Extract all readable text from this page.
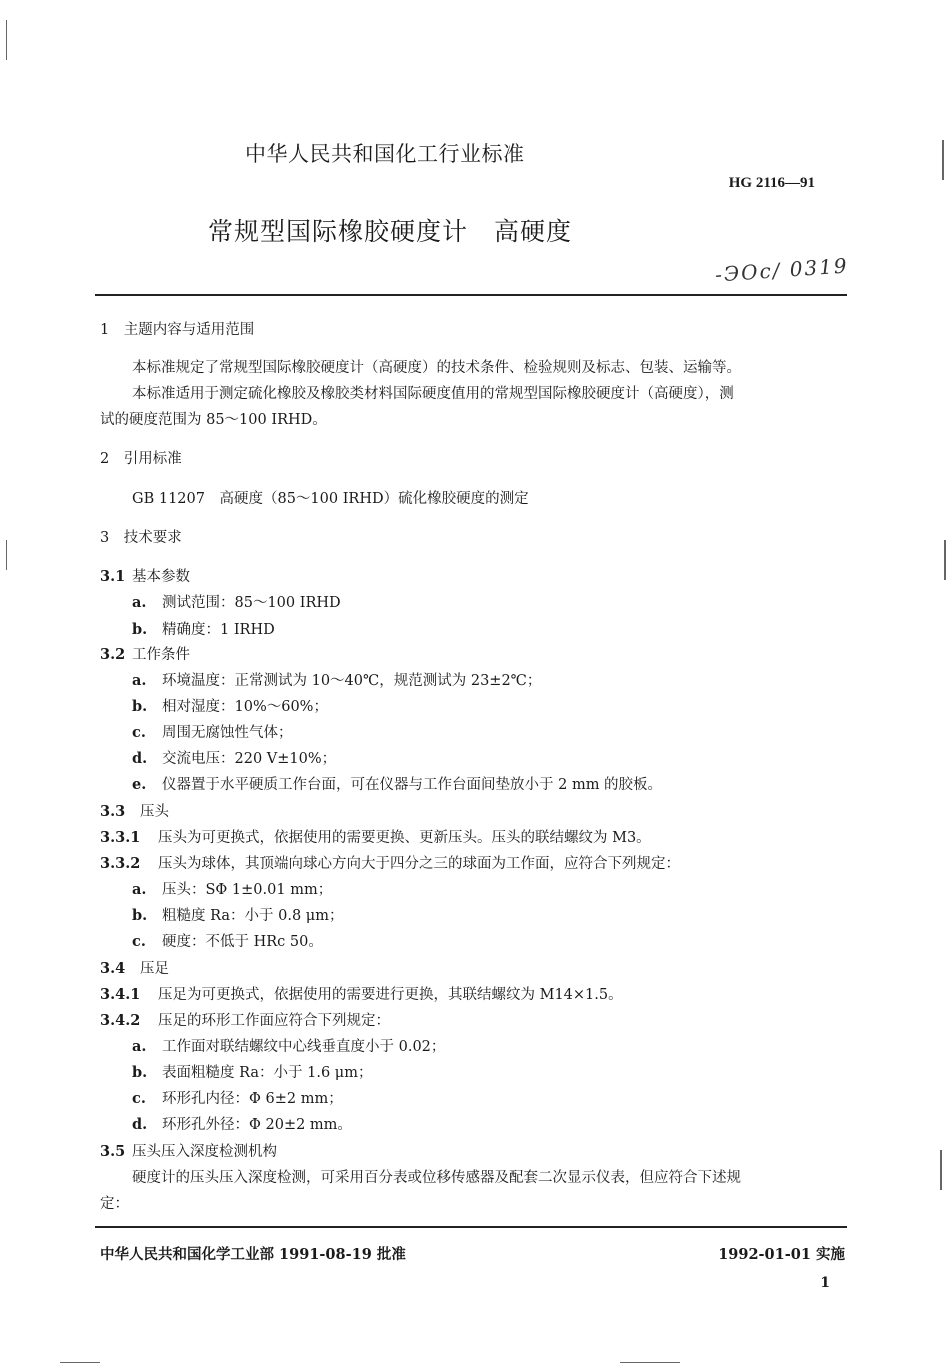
中华人民共和国化工行业标准
HG 2116—91
常规型国际橡胶硬度计　高硬度
-ЭОс/ 0319
1　主题内容与适用范围
本标准规定了常规型国际橡胶硬度计（高硬度）的技术条件、检验规则及标志、包装、运输等。
本标准适用于测定硫化橡胶及橡胶类材料国际硬度值用的常规型国际橡胶硬度计（高硬度），测
试的硬度范围为 85～100 IRHD。
2　引用标准
GB 11207　高硬度（85～100 IRHD）硫化橡胶硬度的测定
3　技术要求
3.1 基本参数
a. 测试范围：85～100 IRHD
b. 精确度：1 IRHD
3.2 工作条件
a. 环境温度：正常测试为 10～40℃，规范测试为 23±2℃；
b. 相对湿度：10%～60%；
c. 周围无腐蚀性气体；
d. 交流电压：220 V±10%；
e. 仪器置于水平硬质工作台面，可在仪器与工作台面间垫放小于 2 mm 的胶板。
3.3 压头
3.3.1 压头为可更换式，依据使用的需要更换、更新压头。压头的联结螺纹为 M3。
3.3.2 压头为球体，其顶端向球心方向大于四分之三的球面为工作面，应符合下列规定：
a. 压头：SΦ 1±0.01 mm；
b. 粗糙度 Ra：小于 0.8 μm；
c. 硬度：不低于 HRc 50。
3.4 压足
3.4.1 压足为可更换式，依据使用的需要进行更换，其联结螺纹为 M14×1.5。
3.4.2 压足的环形工作面应符合下列规定：
a. 工作面对联结螺纹中心线垂直度小于 0.02；
b. 表面粗糙度 Ra：小于 1.6 μm；
c. 环形孔内径：Φ 6±2 mm；
d. 环形孔外径：Φ 20±2 mm。
3.5 压头压入深度检测机构
硬度计的压头压入深度检测，可采用百分表或位移传感器及配套二次显示仪表，但应符合下述规
定：
中华人民共和国化学工业部 1991-08-19 批准	1992-01-01 实施
1
